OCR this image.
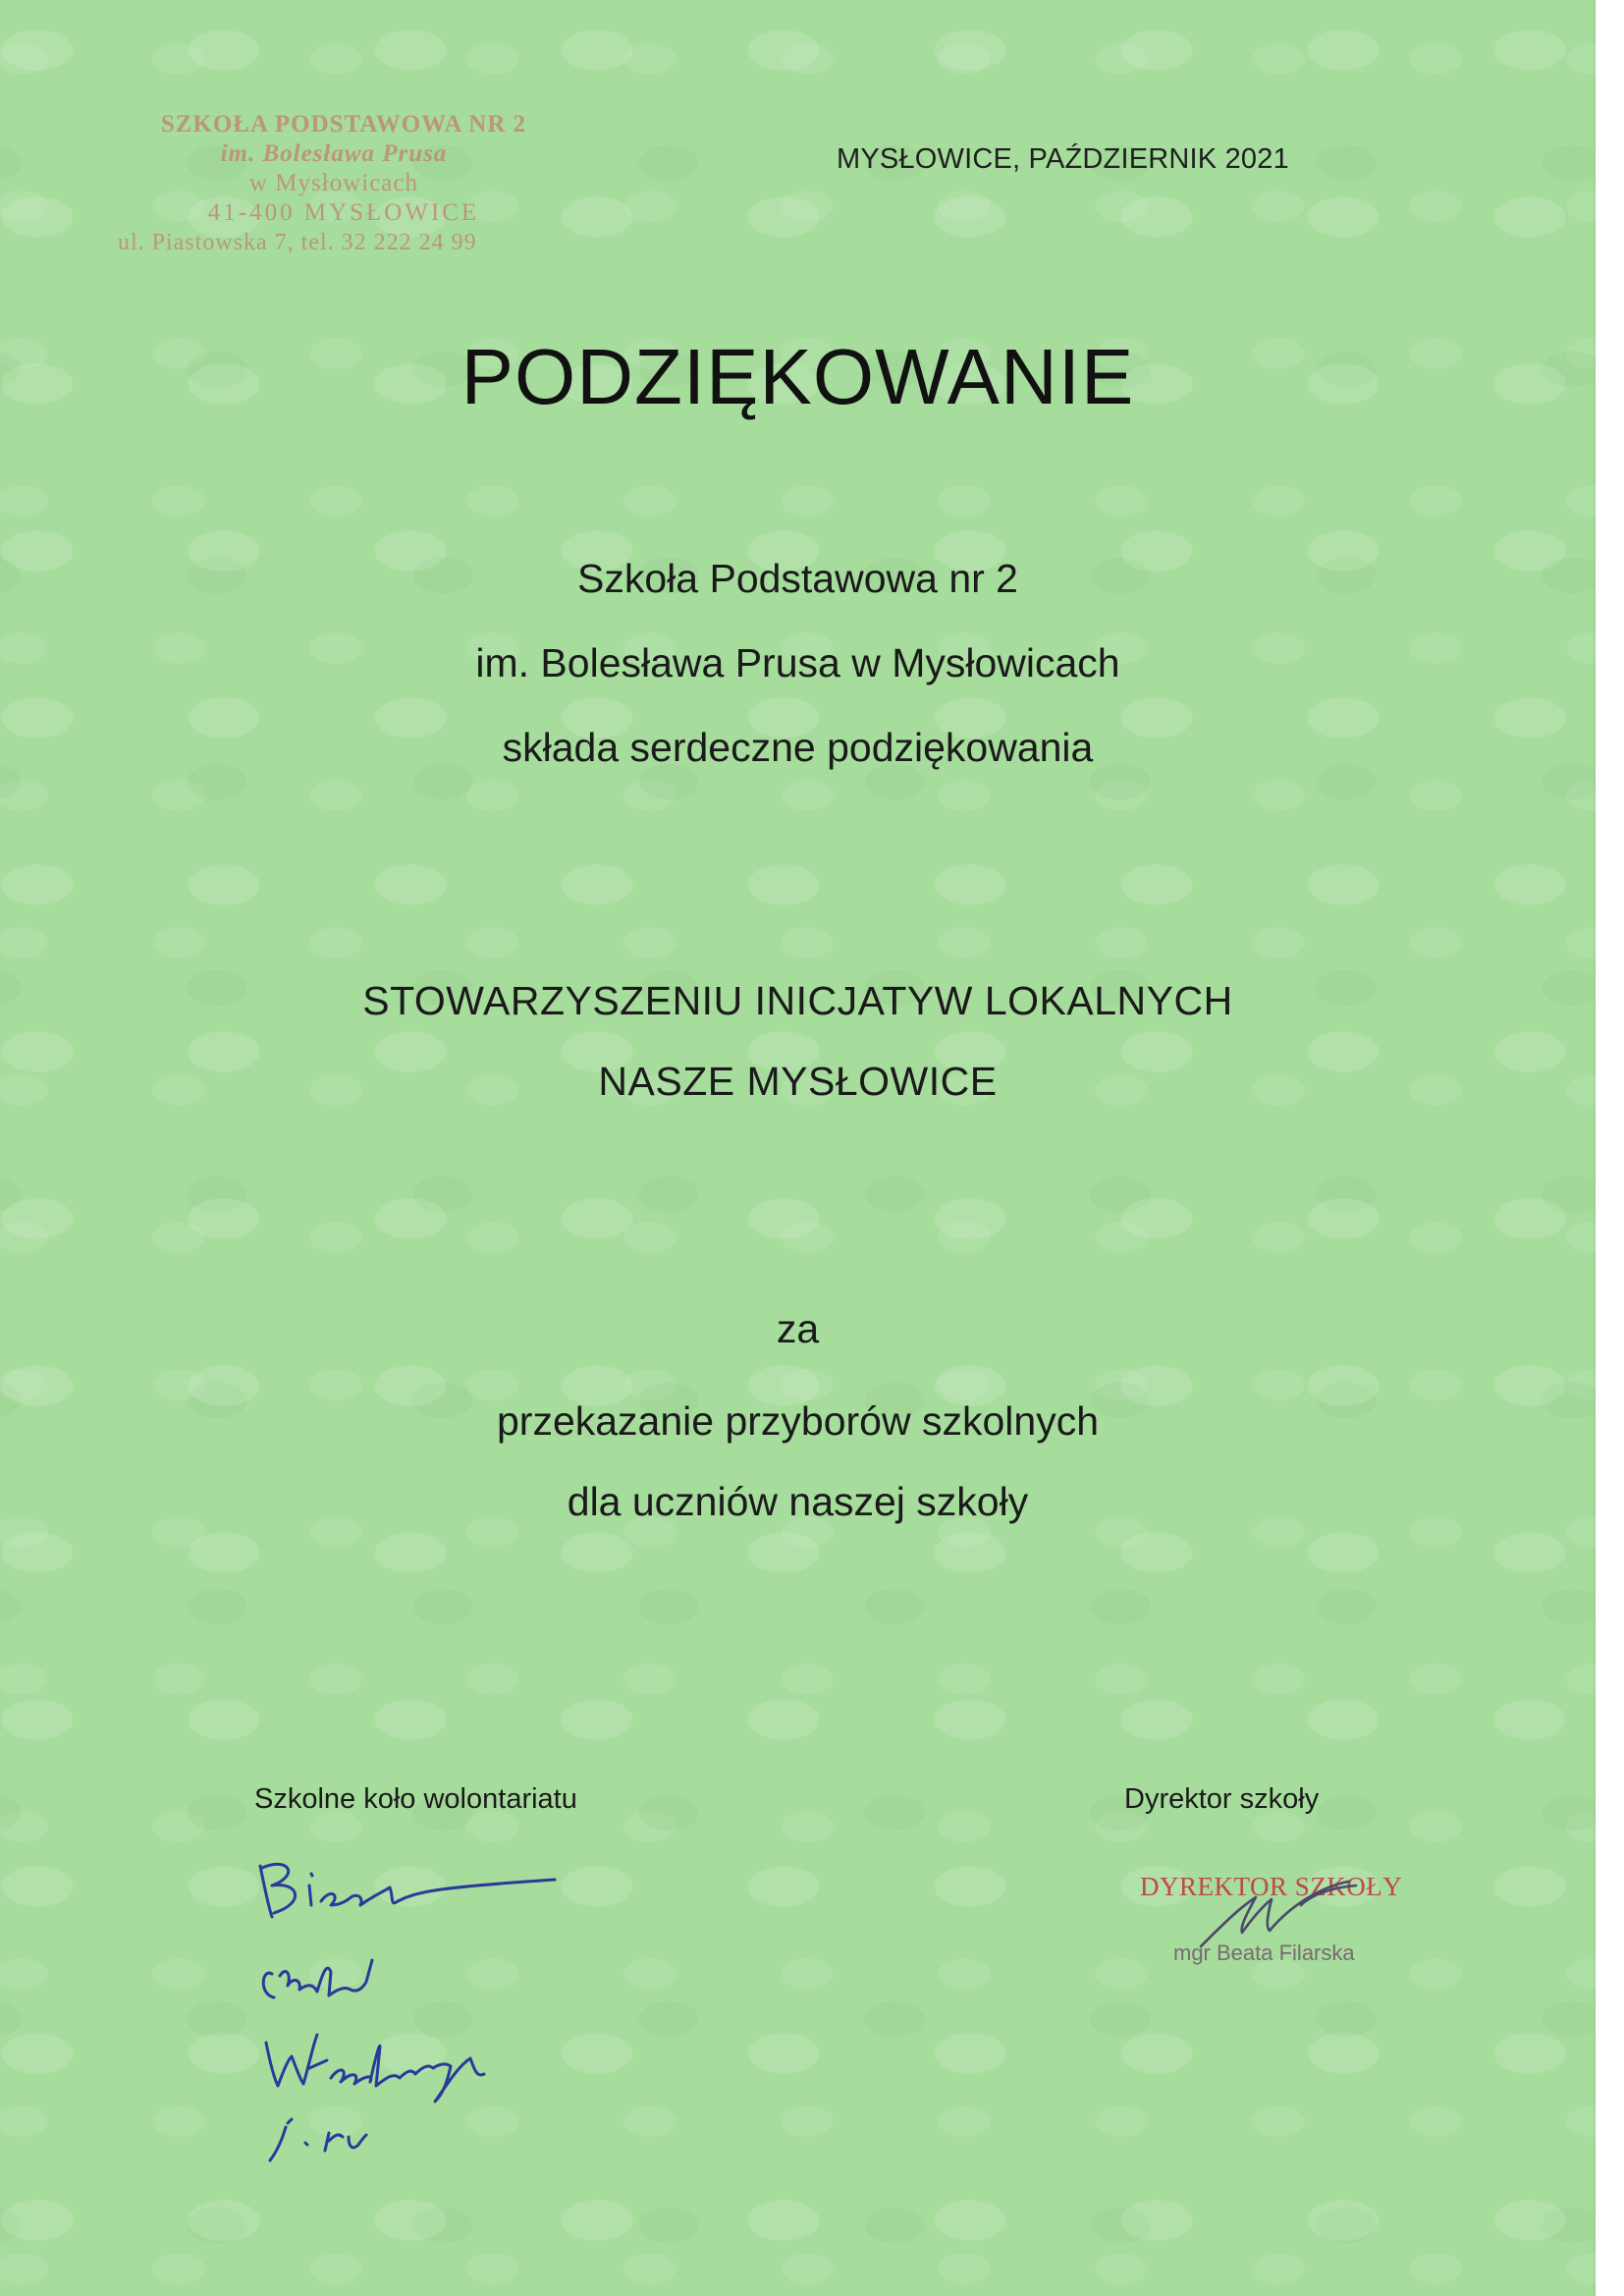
SZKOŁA PODSTAWOWA NR 2
im. Bolesława Prusa
w Mysłowicach
41-400 MYSŁOWICE
ul. Piastowska 7, tel. 32 222 24 99
MYSŁOWICE, PAŹDZIERNIK 2021
PODZIĘKOWANIE
Szkoła Podstawowa nr 2
im. Bolesława Prusa w Mysłowicach
składa serdeczne podziękowania
STOWARZYSZENIU INICJATYW LOKALNYCH
NASZE MYSŁOWICE
za
przekazanie przyborów szkolnych
dla uczniów naszej szkoły
Szkolne koło wolontariatu	Dyrektor szkoły
DYREKTOR SZKOŁY
mgr Beata Filarska
